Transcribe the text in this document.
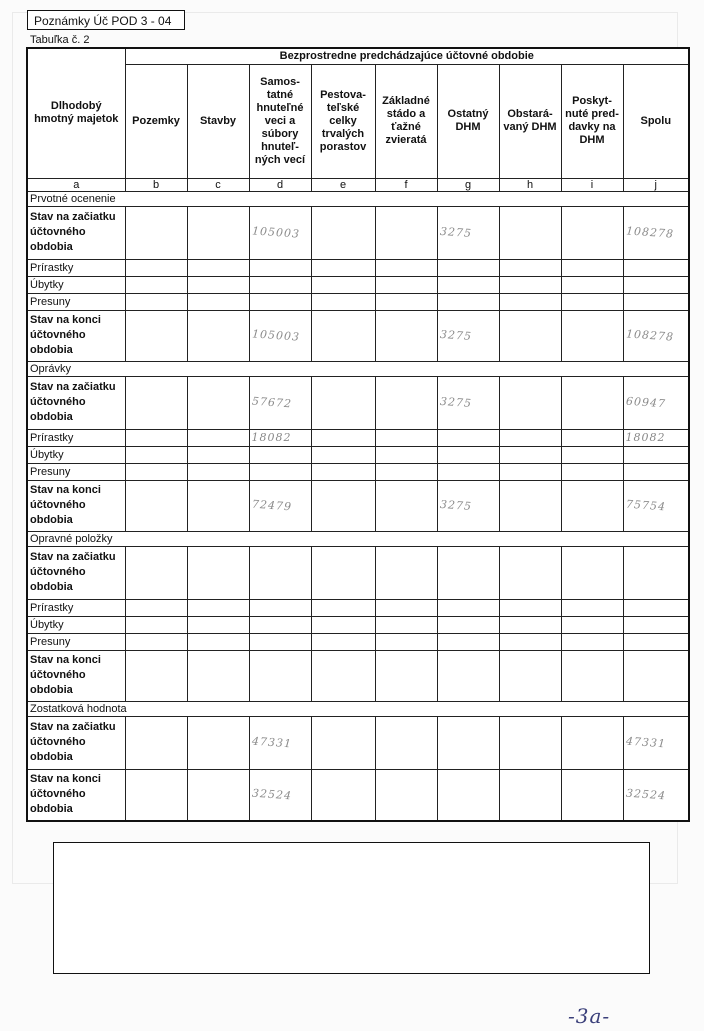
Poznámky Úč POD 3 - 04
Tabuľka č. 2
Dlhodobý hmotný majetok	Bezprostredne predchádzajúce účtovné obdobie								
	Pozemky	Stavby	Samos-tatné hnuteľné veci a súbory hnuteľ-ných vecí	Pestova-teľské celky trvalých porastov	Základné stádo a ťažné zvieratá	Ostatný DHM	Obstará-vaný DHM	Poskyt-nuté pred-davky na DHM	Spolu
a	b	c	d	e	f	g	h	i	j
Prvotné ocenenie									
Stav na začiatku účtovného obdobia			105003			3275			108278
Prírastky									
Úbytky									
Presuny									
Stav na konci účtovného obdobia			105003			3275			108278
Oprávky									
Stav na začiatku účtovného obdobia			57672			3275			60947
Prírastky			18082						18082
Úbytky									
Presuny									
Stav na konci účtovného obdobia			72479			3275			75754
Opravné položky									
Stav na začiatku účtovného obdobia									
Prírastky									
Úbytky									
Presuny									
Stav na konci účtovného obdobia									
Zostatková hodnota									
Stav na začiatku účtovného obdobia			47331						47331
Stav na konci účtovného obdobia			32524						32524
-3a-
